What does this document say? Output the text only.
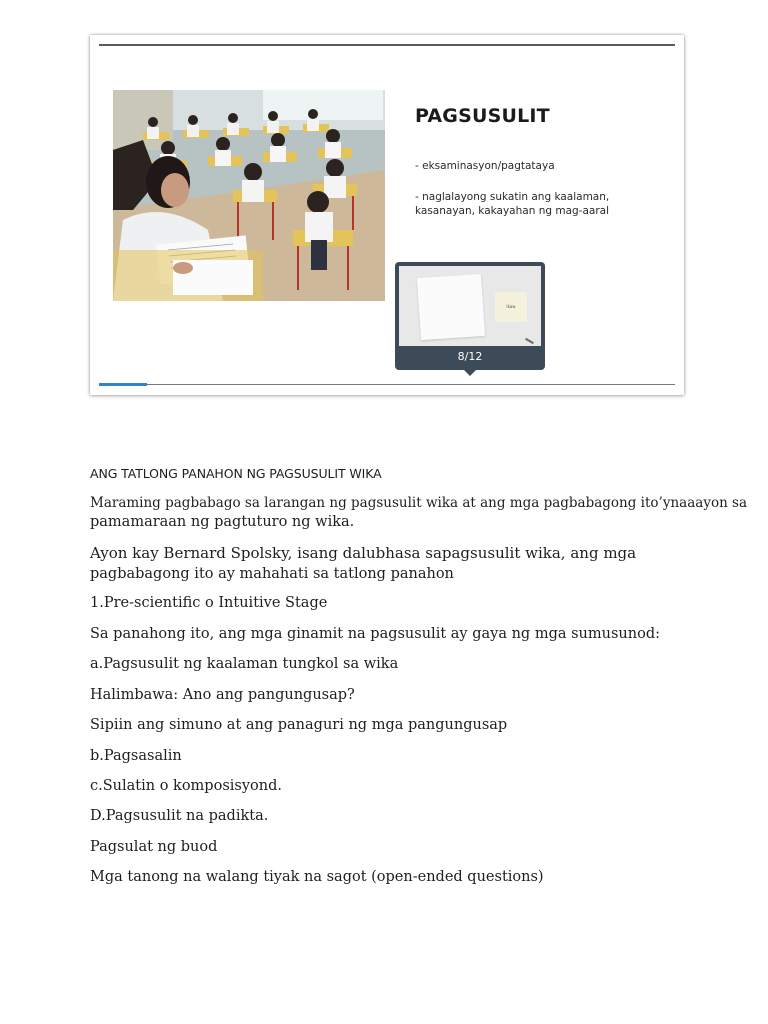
PAGSUSULIT
- eksaminasyon/pagtataya
- naglalayong sukatin ang kaalaman, kasanayan, kakayahan ng mag-aaral
Ikaw
8/12

ANG TATLONG PANAHON NG PAGSUSULIT WIKA

Maraming pagbabago sa larangan ng pagsusulit wika at ang mga pagbabagong ito’ynaaayon sa

pamamaraan ng pagtuturo ng wika.

Ayon kay Bernard Spolsky, isang dalubhasa sapagsusulit wika, ang mga

pagbabagong ito ay mahahati sa tatlong panahon

1.Pre-scientific o Intuitive Stage

Sa panahong ito, ang mga ginamit na pagsusulit ay gaya ng mga sumusunod:

a.Pagsusulit ng kaalaman tungkol sa wika

Halimbawa: Ano ang pangungusap?

Sipiin ang simuno at ang panaguri ng mga pangungusap

b.Pagsasalin

c.Sulatin o komposisyond.

D.Pagsusulit na padikta.

Pagsulat ng buod

Mga tanong na walang tiyak na sagot (open-ended questions)
